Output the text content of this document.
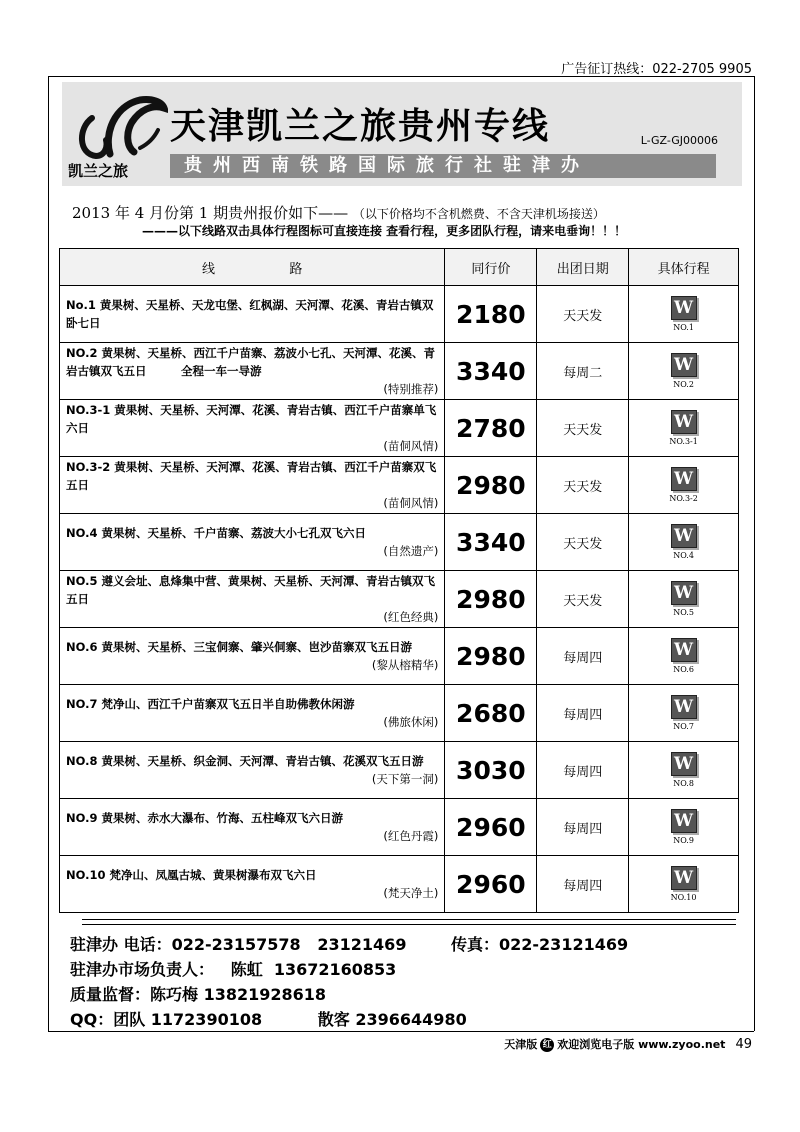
广告征订热线：022-2705 9905
凯兰之旅
天津凯兰之旅贵州专线	L-GZ-GJ00006
贵州西南铁路国际旅行社驻津办
2013 年 4 月份第 1 期贵州报价如下—— （以下价格均不含机燃费、不含天津机场接送）
———以下线路双击具体行程图标可直接连接 查看行程，更多团队行程，请来电垂询！！！
线                  路	同行价	出团日期	具体行程
No.1 黄果树、天星桥、天龙屯堡、红枫湖、天河潭、花溪、青岩古镇双卧七日	2180	天天发	W
NO.1

NO.2 黄果树、天星桥、西江千户苗寨、荔波小七孔、天河潭、花溪、青岩古镇双飞五日　　　全程一车一导游
(特别推荐)	3340	每周二	W
NO.2

NO.3-1 黄果树、天星桥、天河潭、花溪、青岩古镇、西江千户苗寨单飞六日
(苗侗风情)	2780	天天发	W
NO.3-1

NO.3-2 黄果树、天星桥、天河潭、花溪、青岩古镇、西江千户苗寨双飞五日
(苗侗风情)	2980	天天发	W
NO.3-2

NO.4 黄果树、天星桥、千户苗寨、荔波大小七孔双飞六日
(自然遗产)	3340	天天发	W
NO.4

NO.5 遵义会址、息烽集中营、黄果树、天星桥、天河潭、青岩古镇双飞五日
(红色经典)	2980	天天发	W
NO.5

NO.6 黄果树、天星桥、三宝侗寨、肇兴侗寨、岜沙苗寨双飞五日游
(黎从榕精华)	2980	每周四	W
NO.6

NO.7 梵净山、西江千户苗寨双飞五日半自助佛教休闲游
(佛旅休闲)	2680	每周四	W
NO.7

NO.8 黄果树、天星桥、织金洞、天河潭、青岩古镇、花溪双飞五日游
(天下第一洞)	3030	每周四	W
NO.8

NO.9 黄果树、赤水大瀑布、竹海、五柱峰双飞六日游
(红色丹霞)	2960	每周四	W
NO.9

NO.10 梵净山、凤凰古城、黄果树瀑布双飞六日
(梵天净土)	2960	每周四	W
NO.10
驻津办 电话：022-23157578   23121469        传真：022-23121469
驻津办市场负责人：   陈虹  13672160853
质量监督：陈巧梅 13821928618
QQ：团队 1172390108          散客 2396644980
天津版 红 欢迎浏览电子版 www.zyoo.net 49
